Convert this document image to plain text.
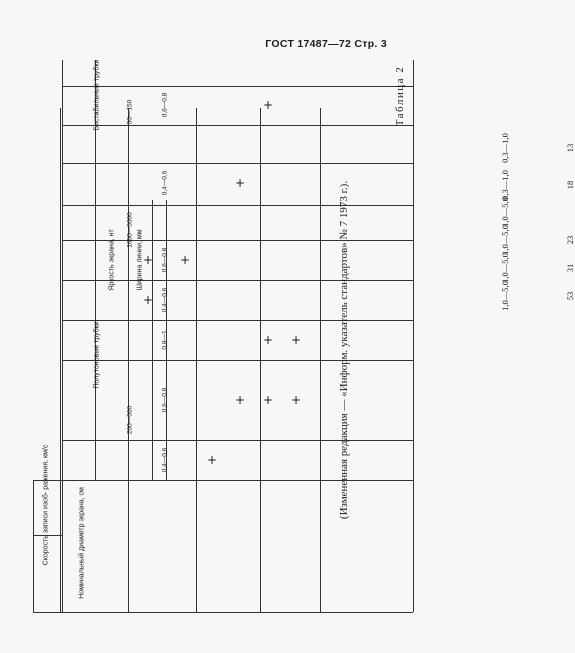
ГОСТ 17487—72 Стр. 3
Таблица 2
Номинальный диаметр экрана, см
Скорость записи изоб- ражения, км/с
Полутоновые трубки
Бистабильные трубки
Яркость экрана, нт	Ширина линии, мм
200—500
1000—5000
50—150
0,4—0,6
0,6—0,8
0,8—1
0,4—0,6
0,6—0,8
0,4—0,6
0,6—0,8
13
0,3—1,0
18
0,3—1,0
1,0—5,0
23
1,0—5,0
31
1,0—5,0
53
1,0—5,0
+
+ +
+
+
+
+
+
+
+
+	(Измененная редакция — «Информ. указатель стандартов» № 7 1973 г.).
